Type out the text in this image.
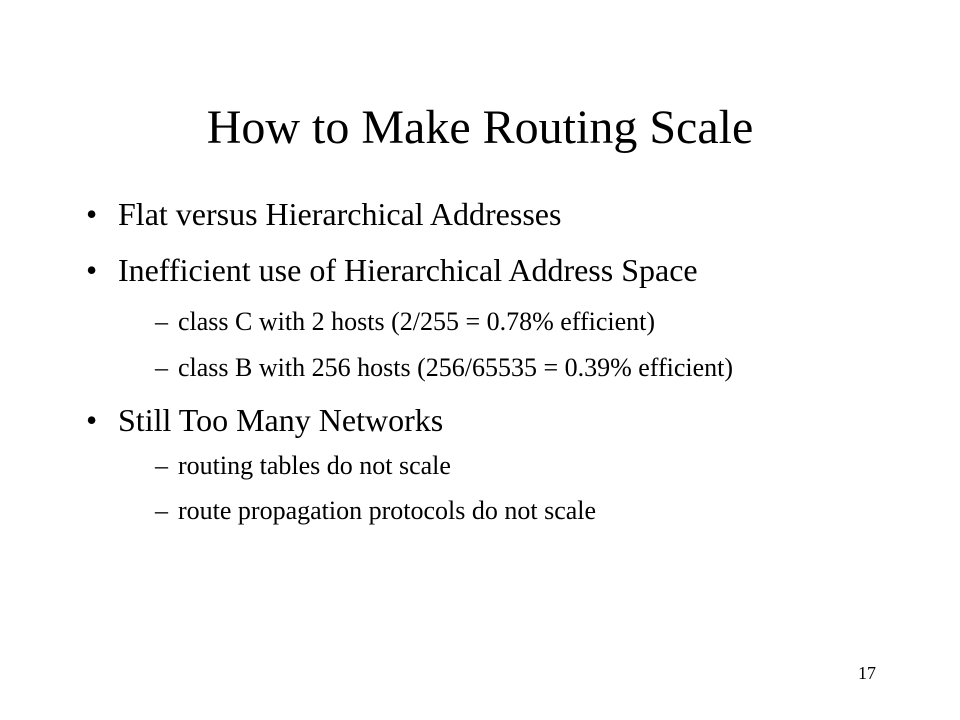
How to Make Routing Scale
• Flat versus Hierarchical Addresses
• Inefficient use of Hierarchical Address Space
– class C with 2 hosts (2/255 = 0.78% efficient)
– class B with 256 hosts (256/65535 = 0.39% efficient)
• Still Too Many Networks
– routing tables do not scale
– route propagation protocols do not scale
17
